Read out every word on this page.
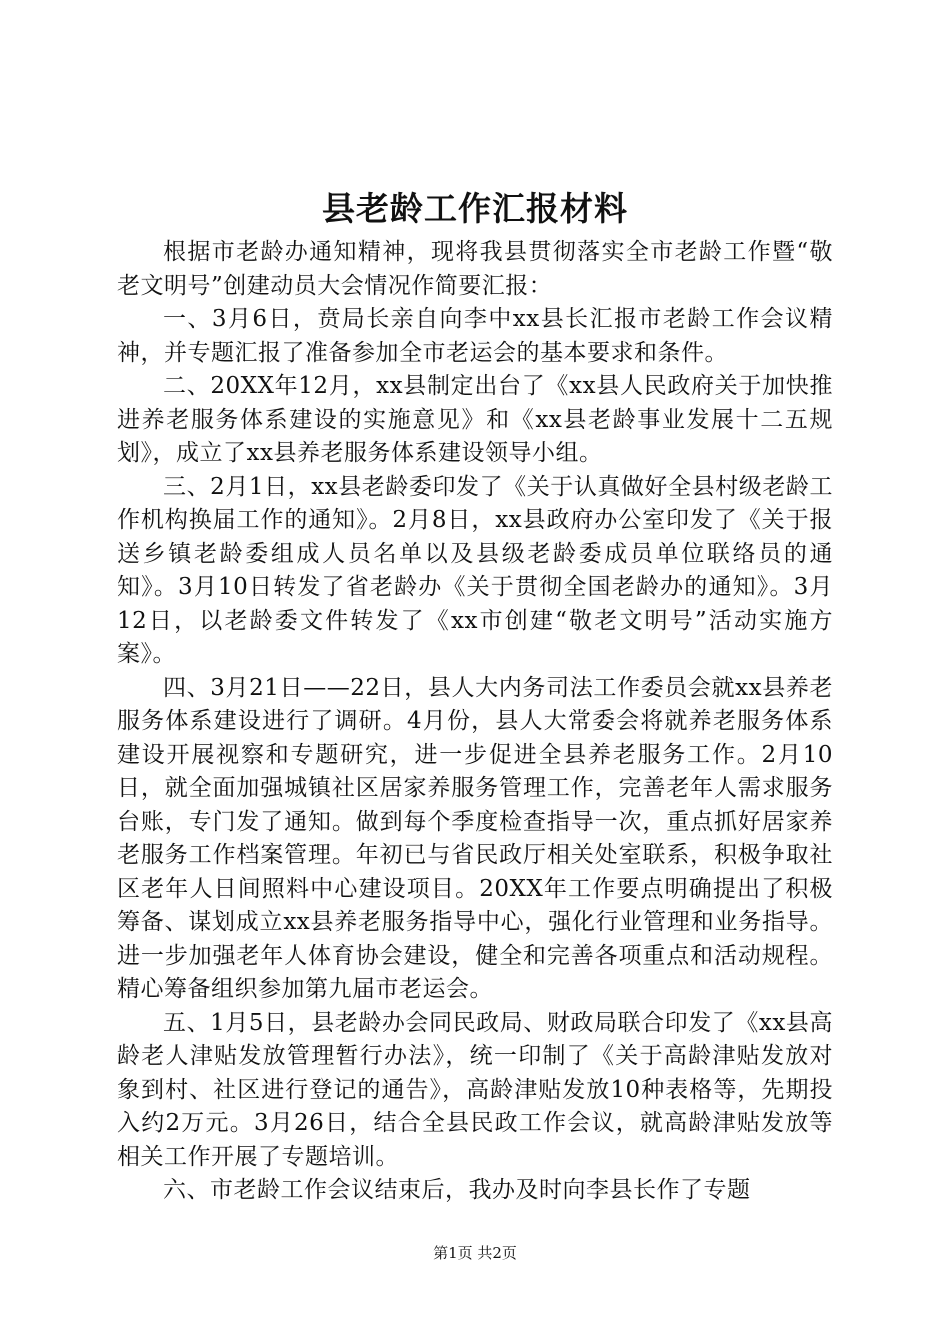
县老龄工作汇报材料

根据市老龄办通知精神，现将我县贯彻落实全市老龄工作暨“敬老文明号”创建动员大会情况作简要汇报：

一、3月6日，贲局长亲自向李中xx县长汇报市老龄工作会议精神，并专题汇报了准备参加全市老运会的基本要求和条件。

二、20XX年12月，xx县制定出台了《xx县人民政府关于加快推进养老服务体系建设的实施意见》和《xx县老龄事业发展十二五规划》，成立了xx县养老服务体系建设领导小组。

三、2月1日，xx县老龄委印发了《关于认真做好全县村级老龄工作机构换届工作的通知》。2月8日，xx县政府办公室印发了《关于报送乡镇老龄委组成人员名单以及县级老龄委成员单位联络员的通知》。3月10日转发了省老龄办《关于贯彻全国老龄办的通知》。3月12日，以老龄委文件转发了《xx市创建“敬老文明号”活动实施方案》。

四、3月21日——22日，县人大内务司法工作委员会就xx县养老服务体系建设进行了调研。4月份，县人大常委会将就养老服务体系建设开展视察和专题研究，进一步促进全县养老服务工作。2月10日，就全面加强城镇社区居家养服务管理工作，完善老年人需求服务台账，专门发了通知。做到每个季度检查指导一次，重点抓好居家养老服务工作档案管理。年初已与省民政厅相关处室联系，积极争取社区老年人日间照料中心建设项目。20XX年工作要点明确提出了积极筹备、谋划成立xx县养老服务指导中心，强化行业管理和业务指导。进一步加强老年人体育协会建设，健全和完善各项重点和活动规程。精心筹备组织参加第九届市老运会。

五、1月5日，县老龄办会同民政局、财政局联合印发了《xx县高龄老人津贴发放管理暂行办法》，统一印制了《关于高龄津贴发放对象到村、社区进行登记的通告》，高龄津贴发放10种表格等，先期投入约2万元。3月26日，结合全县民政工作会议，就高龄津贴发放等相关工作开展了专题培训。

六、市老龄工作会议结束后，我办及时向李县长作了专题

第1页 共2页
